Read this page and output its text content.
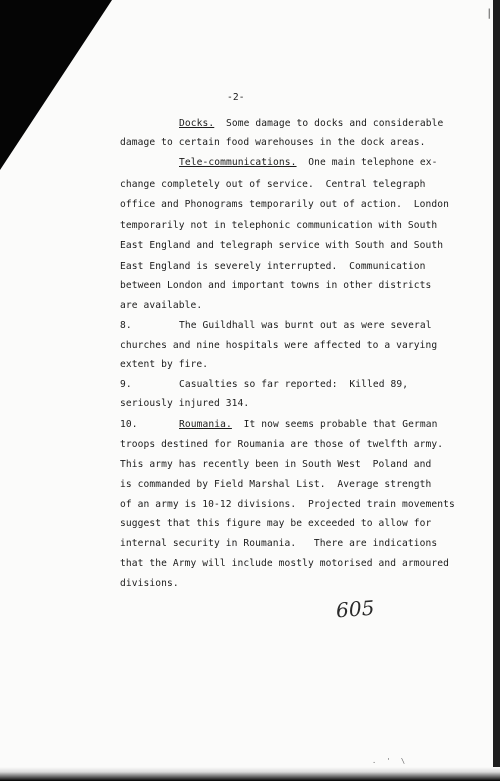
|
-2-
Docks.  Some damage to docks and considerable
damage to certain food warehouses in the dock areas.
Tele-communications.  One main telephone ex-
change completely out of service.  Central telegraph
office and Phonograms temporarily out of action.  London
temporarily not in telephonic communication with South
East England and telegraph service with South and South
East England is severely interrupted.  Communication
between London and important towns in other districts
are available.
8.	The Guildhall was burnt out as were several
churches and nine hospitals were affected to a varying
extent by fire.
9.	Casualties so far reported:  Killed 89,
seriously injured 314.
10.	Roumania.  It now seems probable that German
troops destined for Roumania are those of twelfth army.
This army has recently been in South West  Poland and
is commanded by Field Marshal List.  Average strength
of an army is 10-12 divisions.  Projected train movements
suggest that this figure may be exceeded to allow for
internal security in Roumania.   There are indications
that the Army will include mostly motorised and armoured
divisions.
605
. ' \
